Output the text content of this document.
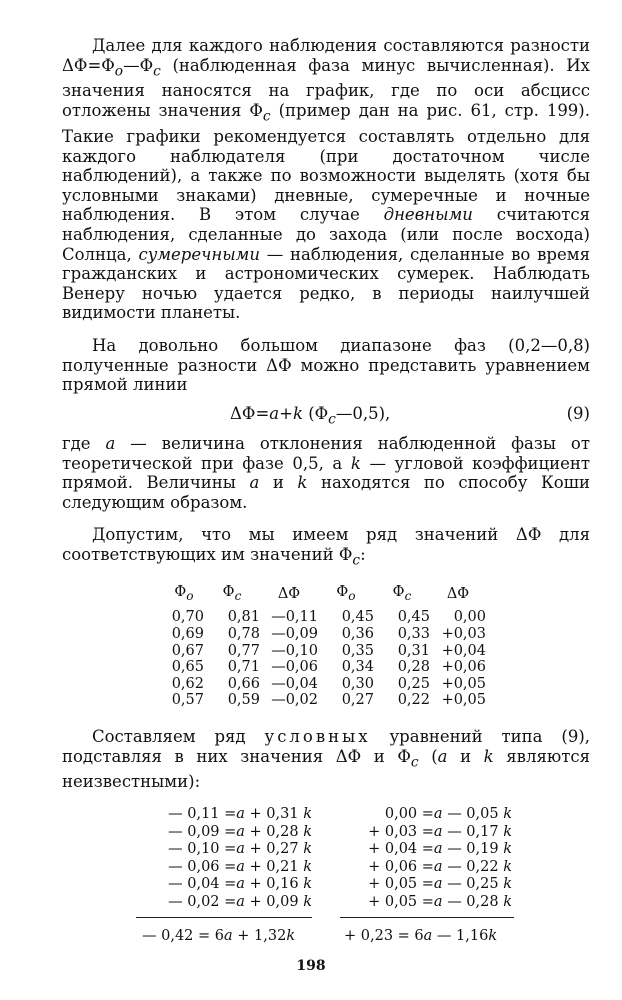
Далее для каждого наблюдения составляются разности $\Delta\Phi=\Phi_o—\Phi_c$ (наблюденная фаза минус вычисленная). Их значения наносятся на график, где по оси абсцисс отложены значения $\Phi_c$ (пример дан на рис. 61, стр. 199). Такие графики рекомендуется составлять отдельно для каждого наблюдателя (при достаточном числе наблюдений), а также по возможности выделять (хотя бы условными знаками) дневные, сумеречные и ночные наблюдения. В этом случае дневными считаются наблюдения, сделанные до захода (или после восхода) Солнца, сумеречными — наблюдения, сделанные во время гражданских и астрономических сумерек. Наблюдать Венеру ночью удается редко, в периоды наилучшей видимости планеты.

На довольно большом диапазоне фаз (0,2—0,8) полученные разности ΔΦ можно представить уравнением прямой линии

ΔΦ=a+k $(\Phi_c—0,5)$,	(9)

где a — величина отклонения наблюденной фазы от теоретической при фазе 0,5, а k — угловой коэффициент прямой. Величины a и k находятся по способу Коши следующим образом.

Допустим, что мы имеем ряд значений ΔΦ для соответствующих им значений $\Phi_c$:

$\Phi_o$	$\Phi_c$	ΔΦ	$\Phi_o$	$\Phi_c$	ΔΦ
0,70	0,81	—0,11	0,45	0,45	0,00
0,69	0,78	—0,09	0,36	0,33	+0,03
0,67	0,77	—0,10	0,35	0,31	+0,04
0,65	0,71	—0,06	0,34	0,28	+0,06
0,62	0,66	—0,04	0,30	0,25	+0,05
0,57	0,59	—0,02	0,27	0,22	+0,05

Составляем ряд условных уравнений типа (9), подставляя в них значения ΔΦ и $\Phi_c$ (a и k являются неизвестными):

— 0,11 =a + 0,31 k
— 0,09 =a + 0,28 k
— 0,10 =a + 0,27 k
— 0,06 =a + 0,21 k
— 0,04 =a + 0,16 k
— 0,02 =a + 0,09 k
0,00 =a — 0,05 k
+ 0,03 =a — 0,17 k
+ 0,04 =a — 0,19 k
+ 0,06 =a — 0,22 k
+ 0,05 =a — 0,25 k
+ 0,05 =a — 0,28 k
— 0,42 = 6a + 1,32k	+ 0,23 = 6a — 1,16k
198
